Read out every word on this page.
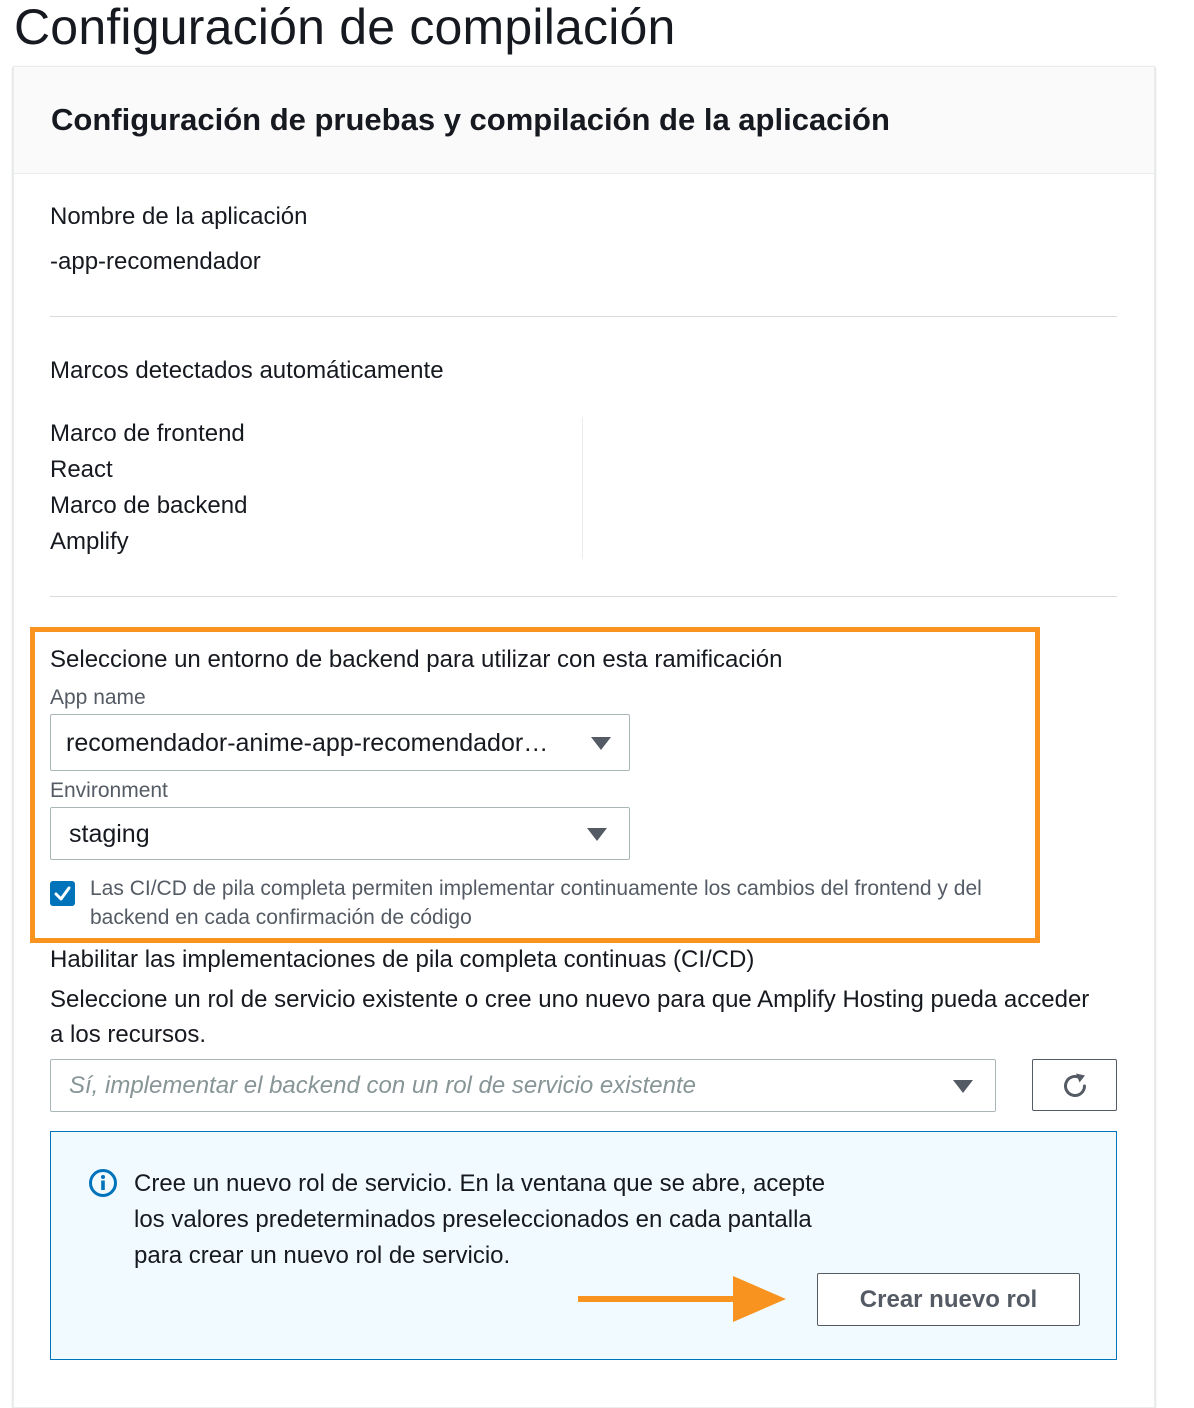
Configuración de compilación
Configuración de pruebas y compilación de la aplicación
Nombre de la aplicación
-app-recomendador
Marcos detectados automáticamente
Marco de frontend
React
Marco de backend
Amplify
Seleccione un entorno de backend para utilizar con esta ramificación
App name
recomendador-anime-app-recomendador…
Environment
staging
Las CI/CD de pila completa permiten implementar continuamente los cambios del frontend y del backend en cada confirmación de código
Habilitar las implementaciones de pila completa continuas (CI/CD)
Seleccione un rol de servicio existente o cree uno nuevo para que Amplify Hosting pueda acceder a los recursos.
Sí, implementar el backend con un rol de servicio existente
Cree un nuevo rol de servicio. En la ventana que se abre, acepte los valores predeterminados preseleccionados en cada pantalla para crear un nuevo rol de servicio.
Crear nuevo rol
